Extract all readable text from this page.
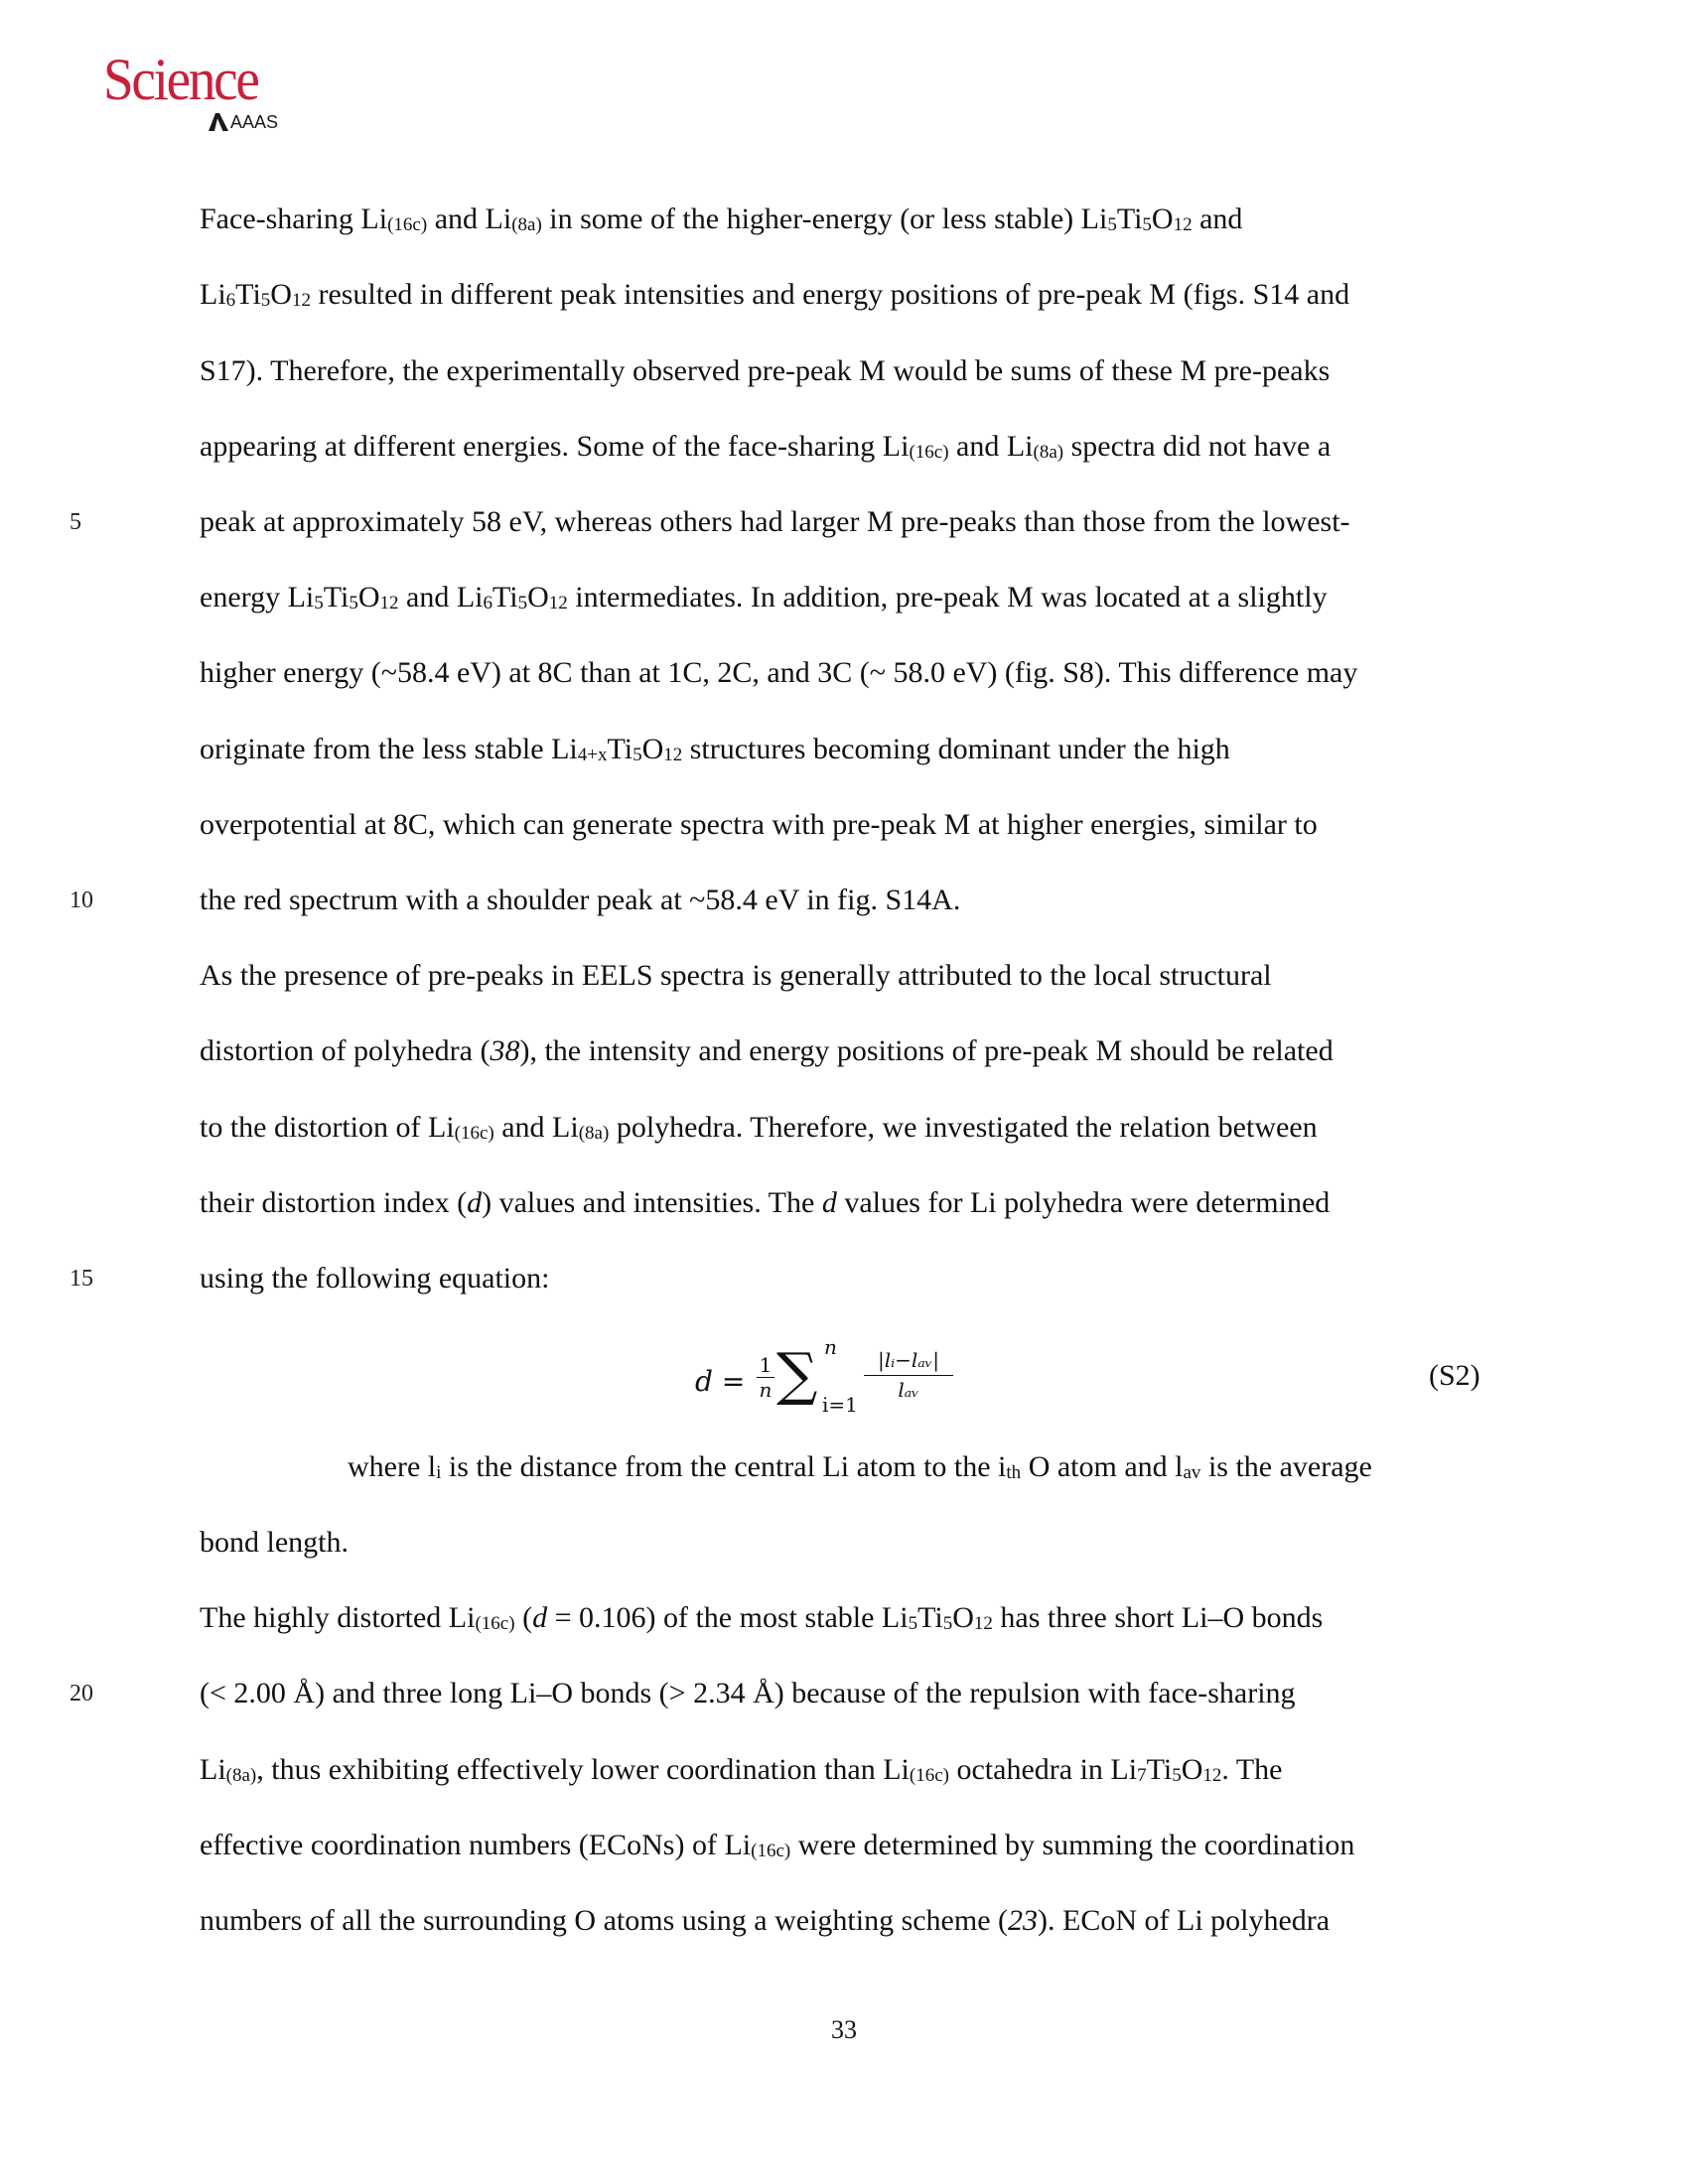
Science
AAAS
Face-sharing Li(16c) and Li(8a) in some of the higher-energy (or less stable) Li5Ti5O12 and
Li6Ti5O12 resulted in different peak intensities and energy positions of pre-peak M (figs. S14 and
S17). Therefore, the experimentally observed pre-peak M would be sums of these M pre-peaks
appearing at different energies. Some of the face-sharing Li(16c) and Li(8a) spectra did not have a
peak at approximately 58 eV, whereas others had larger M pre-peaks than those from the lowest-
energy Li5Ti5O12 and Li6Ti5O12 intermediates. In addition, pre-peak M was located at a slightly
higher energy (~58.4 eV) at 8C than at 1C, 2C, and 3C (~ 58.0 eV) (fig. S8). This difference may
originate from the less stable Li4+xTi5O12 structures becoming dominant under the high
overpotential at 8C, which can generate spectra with pre-peak M at higher energies, similar to
the red spectrum with a shoulder peak at ~58.4 eV in fig. S14A.
As the presence of pre-peaks in EELS spectra is generally attributed to the local structural
distortion of polyhedra (38), the intensity and energy positions of pre-peak M should be related
to the distortion of Li(16c) and Li(8a) polyhedra. Therefore, we investigated the relation between
their distortion index (d) values and intensities. The d values for Li polyhedra were determined
using the following equation:
$d = \frac{1}{n}$ ∑ n
i=1
|lᵢ−lₐᵥ|
lₐᵥ	(S2)
where li is the distance from the central Li atom to the ith O atom and lav is the average
bond length.
The highly distorted Li(16c) (d = 0.106) of the most stable Li5Ti5O12 has three short Li–O bonds
(< 2.00 Å) and three long Li–O bonds (> 2.34 Å) because of the repulsion with face-sharing
Li(8a), thus exhibiting effectively lower coordination than Li(16c) octahedra in Li7Ti5O12. The
effective coordination numbers (ECoNs) of Li(16c) were determined by summing the coordination
numbers of all the surrounding O atoms using a weighting scheme (23). ECoN of Li polyhedra
5
10
15
20
33
